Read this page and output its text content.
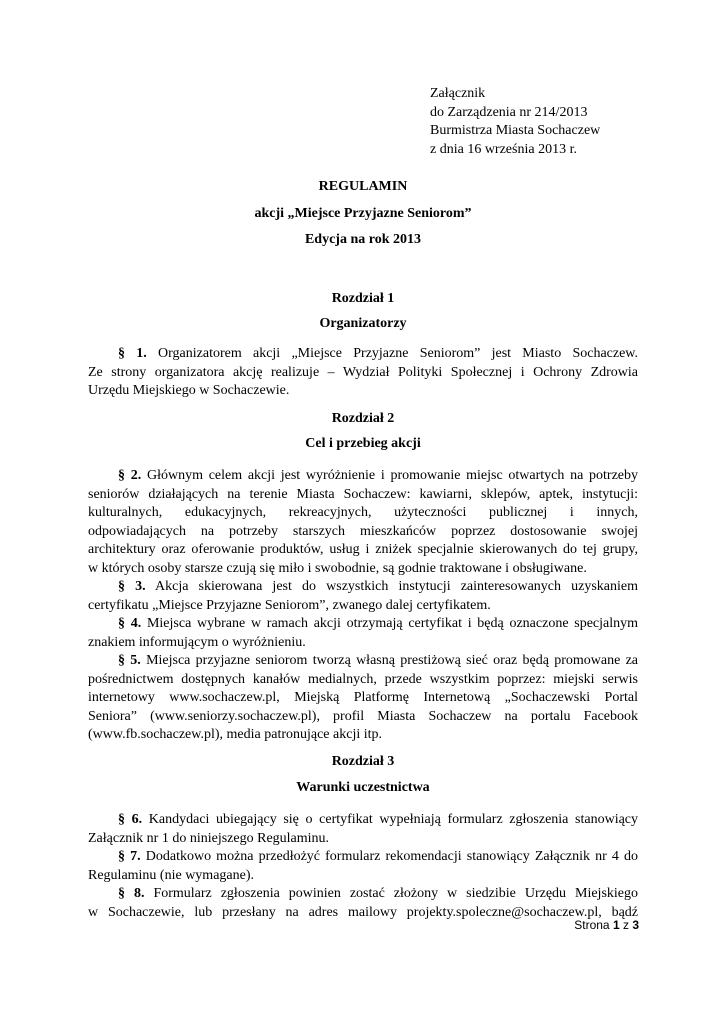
Załącznik
do Zarządzenia nr 214/2013
Burmistrza Miasta Sochaczew
z dnia 16 września 2013 r.
REGULAMIN
akcji „Miejsce Przyjazne Seniorom”
Edycja na rok 2013
Rozdział 1
Organizatorzy
§ 1. Organizatorem akcji „Miejsce Przyjazne Seniorom” jest Miasto Sochaczew.
Ze strony organizatora akcję realizuje – Wydział Polityki Społecznej i Ochrony Zdrowia
Urzędu Miejskiego w Sochaczewie.
Rozdział 2
Cel i przebieg akcji
§ 2. Głównym celem akcji jest wyróżnienie i promowanie miejsc otwartych na potrzeby
seniorów działających na terenie Miasta Sochaczew: kawiarni, sklepów, aptek, instytucji:
kulturalnych, edukacyjnych, rekreacyjnych, użyteczności publicznej i innych,
odpowiadających na potrzeby starszych mieszkańców poprzez dostosowanie swojej
architektury oraz oferowanie produktów, usług i zniżek specjalnie skierowanych do tej grupy,
w których osoby starsze czują się miło i swobodnie, są godnie traktowane i obsługiwane.
§ 3. Akcja skierowana jest do wszystkich instytucji zainteresowanych uzyskaniem
certyfikatu „Miejsce Przyjazne Seniorom”, zwanego dalej certyfikatem.
§ 4. Miejsca wybrane w ramach akcji otrzymają certyfikat i będą oznaczone specjalnym
znakiem informującym o wyróżnieniu.
§ 5. Miejsca przyjazne seniorom tworzą własną prestiżową sieć oraz będą promowane za
pośrednictwem dostępnych kanałów medialnych, przede wszystkim poprzez: miejski serwis
internetowy www.sochaczew.pl, Miejską Platformę Internetową „Sochaczewski Portal
Seniora” (www.seniorzy.sochaczew.pl), profil Miasta Sochaczew na portalu Facebook
(www.fb.sochaczew.pl), media patronujące akcji itp.
Rozdział 3
Warunki uczestnictwa
§ 6. Kandydaci ubiegający się o certyfikat wypełniają formularz zgłoszenia stanowiący
Załącznik nr 1 do niniejszego Regulaminu.
§ 7. Dodatkowo można przedłożyć formularz rekomendacji stanowiący Załącznik nr 4 do
Regulaminu (nie wymagane).
§ 8. Formularz zgłoszenia powinien zostać złożony w siedzibie Urzędu Miejskiego
w Sochaczewie, lub przesłany na adres mailowy projekty.spoleczne@sochaczew.pl, bądź
Strona 1 z 3
